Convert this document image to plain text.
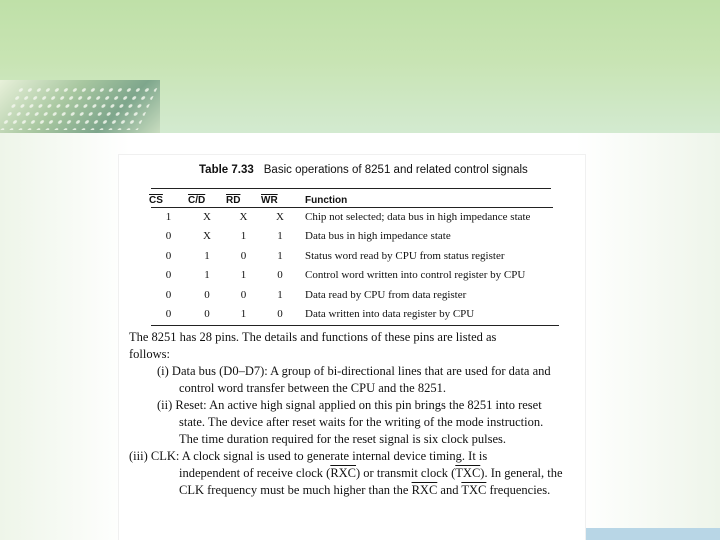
Table 7.33 Basic operations of 8251 and related control signals
$\overline{CS}$	C/D	$\overline{RD}$	$\overline{WR}$	Function
1	X	X	X	Chip not selected; data bus in high impedance state
0	X	1	1	Data bus in high impedance state
0	1	0	1	Status word read by CPU from status register
0	1	1	0	Control word written into control register by CPU
0	0	0	1	Data read by CPU from data register
0	0	1	0	Data written into data register by CPU

The 8251 has 28 pins. The details and functions of these pins are listed as

follows:

(i) Data bus (D0–D7): A group of bi-directional lines that are used for data and

control word transfer between the CPU and the 8251.

(ii) Reset: An active high signal applied on this pin brings the 8251 into reset

state. The device after reset waits for the writing of the mode instruction.

The time duration required for the reset signal is six clock pulses.

(iii) CLK: A clock signal is used to generate internal device timing. It is

independent of receive clock $(\overline{RXC})$ or transmit clock $(\overline{TXC})$. In general, the

CLK frequency must be much higher than the $\overline{RXC}$ and $\overline{TXC}$ frequencies.
